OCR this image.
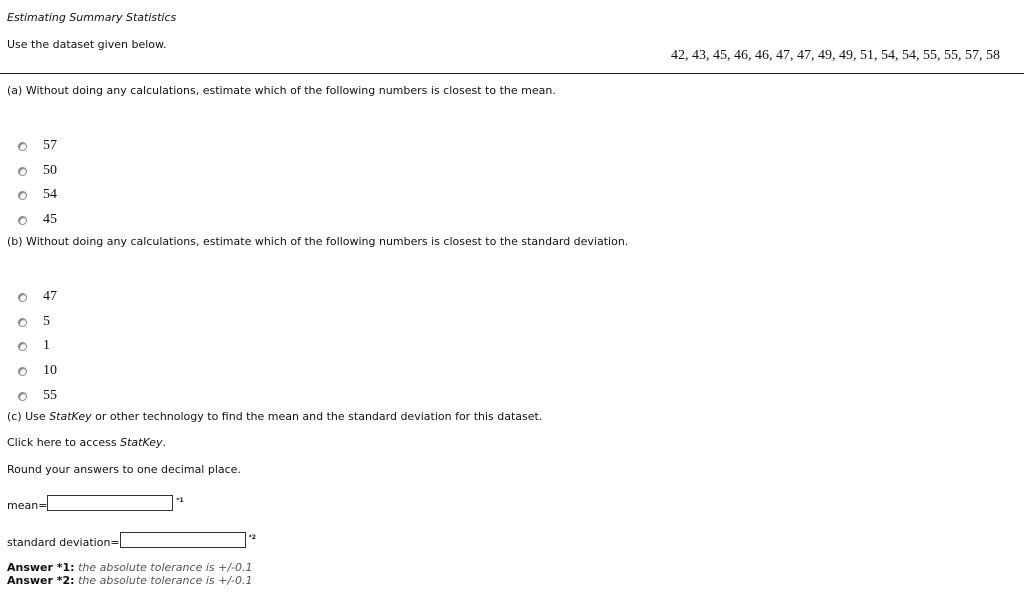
Estimating Summary Statistics
Use the dataset given below.
42, 43, 45, 46, 46, 47, 47, 49, 49, 51, 54, 54, 55, 55, 57, 58
(a) Without doing any calculations, estimate which of the following numbers is closest to the mean.
57
50
54
45
(b) Without doing any calculations, estimate which of the following numbers is closest to the standard deviation.
47
5
1
10
55
(c) Use StatKey or other technology to find the mean and the standard deviation for this dataset.
Click here to access StatKey.
Round your answers to one decimal place.
mean=	*1
standard deviation=	*2
Answer *1: the absolute tolerance is +/-0.1
Answer *2: the absolute tolerance is +/-0.1
